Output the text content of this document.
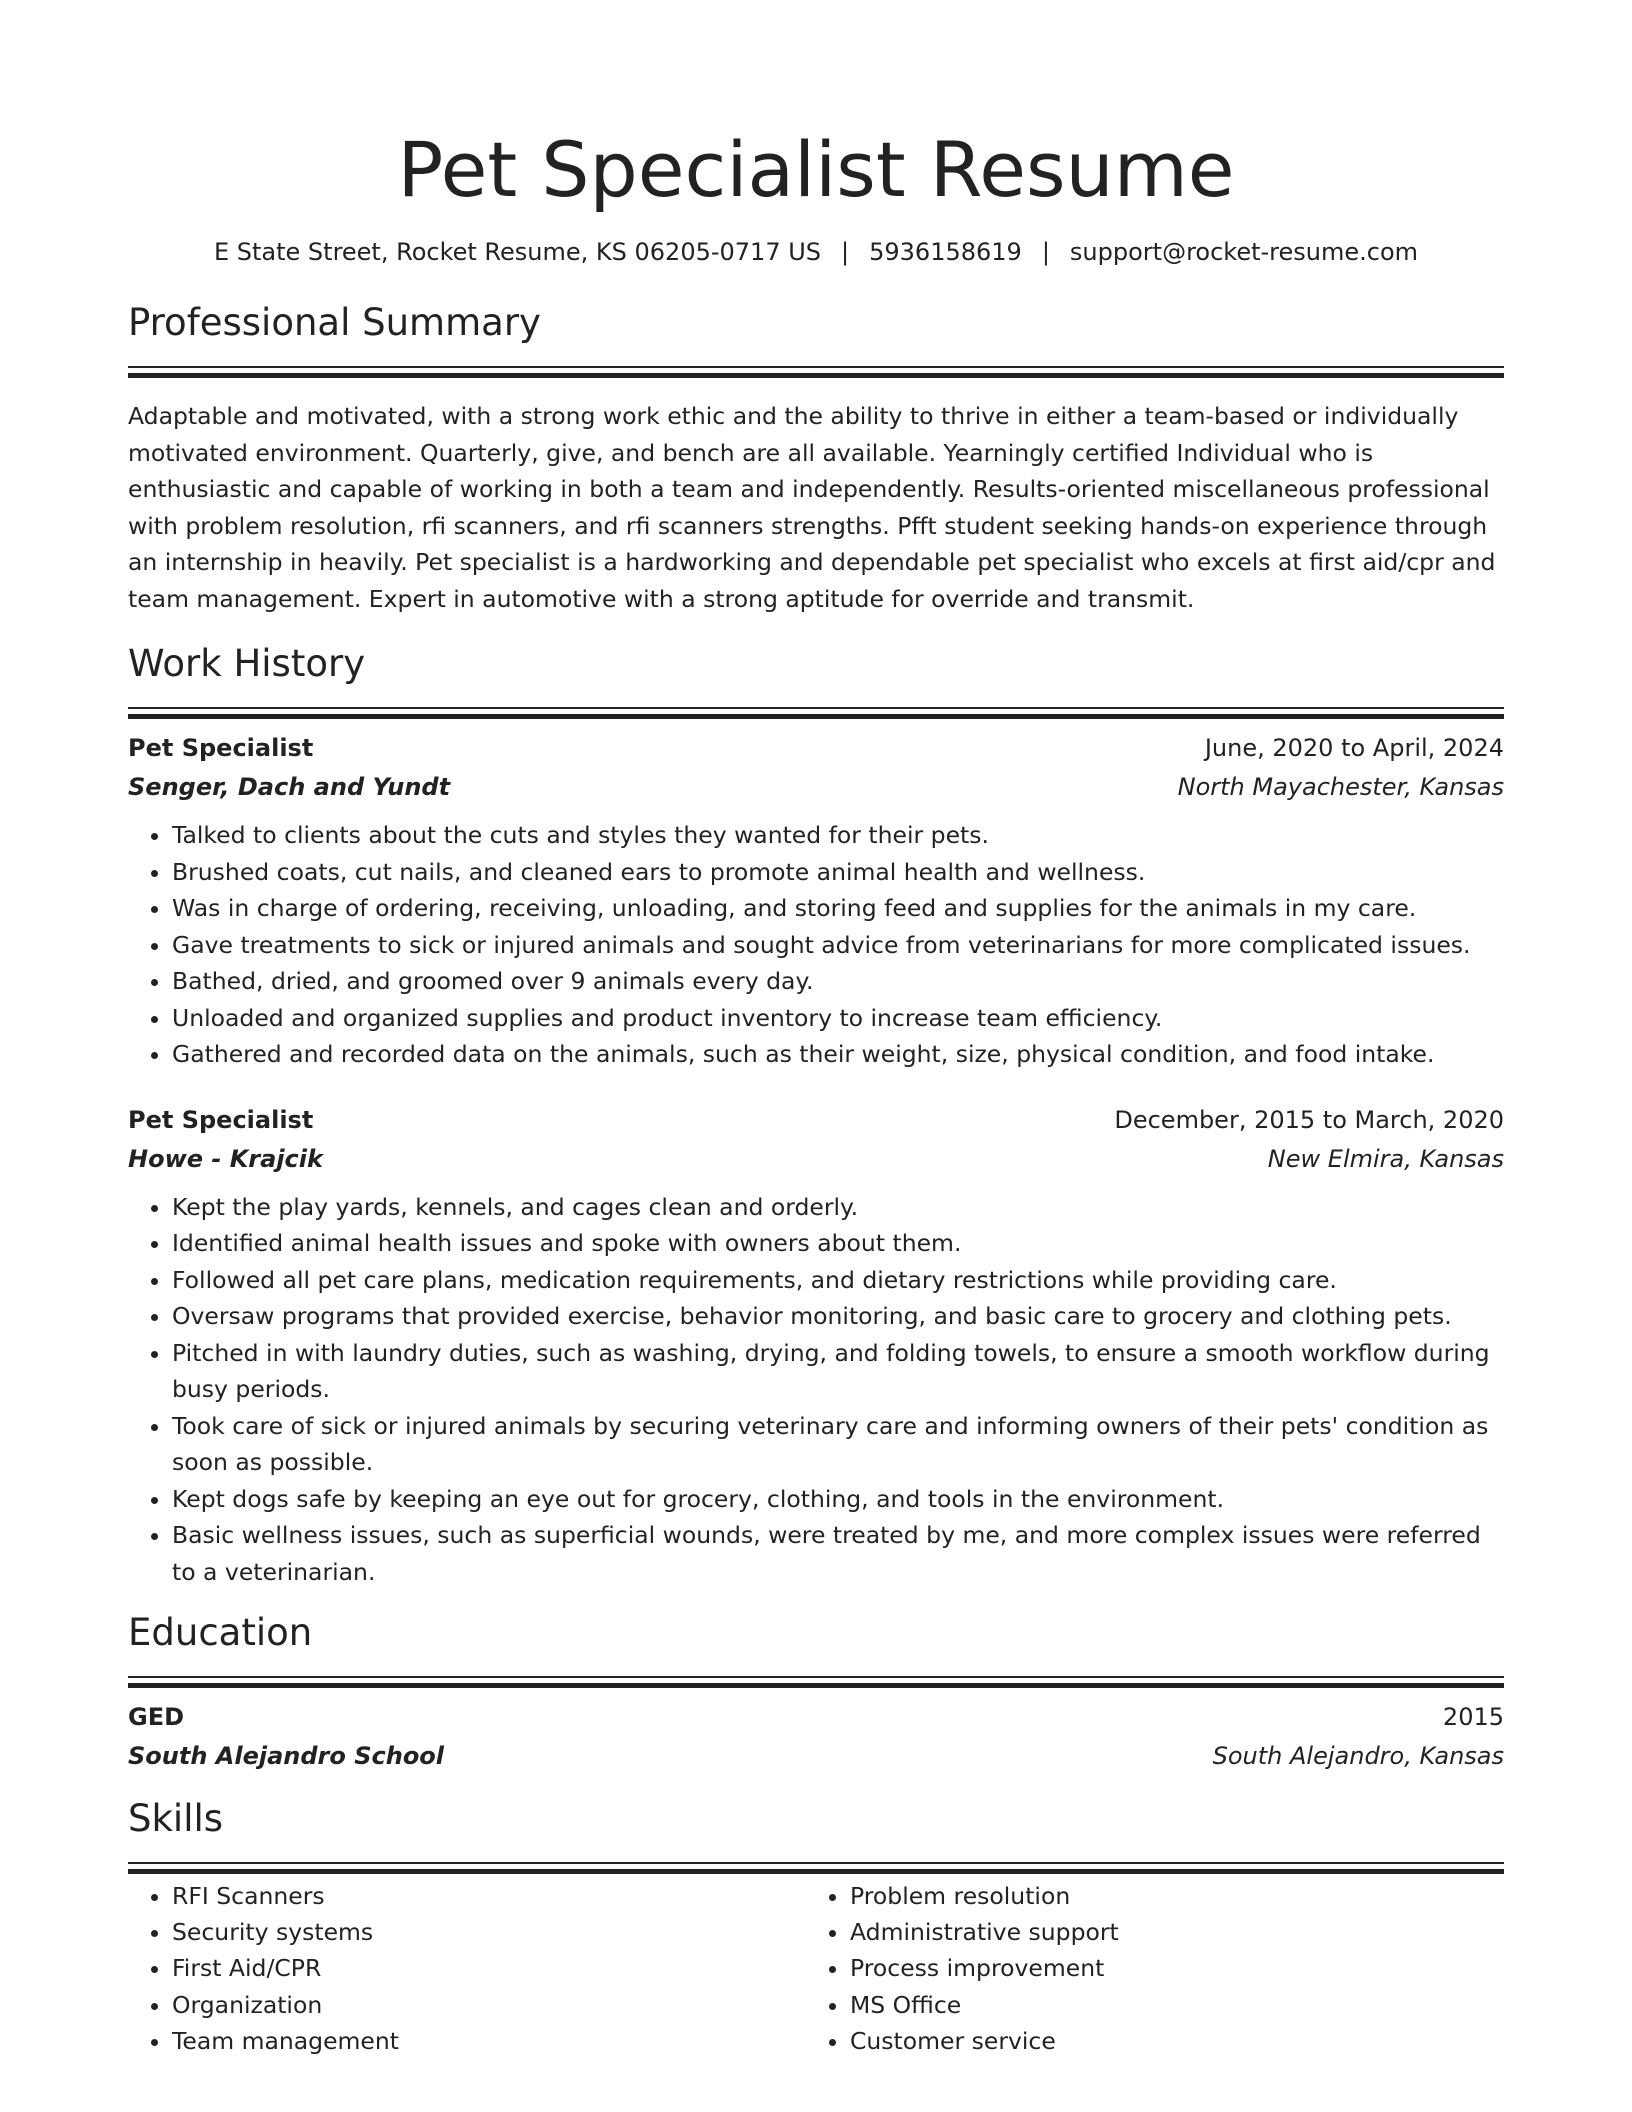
Pet Specialist Resume
E State Street, Rocket Resume, KS 06205-0717 US | 5936158619 | support@rocket-resume.com
Professional Summary
Adaptable and motivated, with a strong work ethic and the ability to thrive in either a team-based or individually motivated environment. Quarterly, give, and bench are all available. Yearningly certified Individual who is enthusiastic and capable of working in both a team and independently. Results-oriented miscellaneous professional with problem resolution, rfi scanners, and rfi scanners strengths. Pfft student seeking hands-on experience through an internship in heavily. Pet specialist is a hardworking and dependable pet specialist who excels at first aid/cpr and team management. Expert in automotive with a strong aptitude for override and transmit.
Work History
Pet Specialist	June, 2020 to April, 2024
Senger, Dach and Yundt	North Mayachester, Kansas
• Talked to clients about the cuts and styles they wanted for their pets.
• Brushed coats, cut nails, and cleaned ears to promote animal health and wellness.
• Was in charge of ordering, receiving, unloading, and storing feed and supplies for the animals in my care.
• Gave treatments to sick or injured animals and sought advice from veterinarians for more complicated issues.
• Bathed, dried, and groomed over 9 animals every day.
• Unloaded and organized supplies and product inventory to increase team efficiency.
• Gathered and recorded data on the animals, such as their weight, size, physical condition, and food intake.
Pet Specialist	December, 2015 to March, 2020
Howe - Krajcik	New Elmira, Kansas
• Kept the play yards, kennels, and cages clean and orderly.
• Identified animal health issues and spoke with owners about them.
• Followed all pet care plans, medication requirements, and dietary restrictions while providing care.
• Oversaw programs that provided exercise, behavior monitoring, and basic care to grocery and clothing pets.
• Pitched in with laundry duties, such as washing, drying, and folding towels, to ensure a smooth workflow during busy periods.
• Took care of sick or injured animals by securing veterinary care and informing owners of their pets' condition as soon as possible.
• Kept dogs safe by keeping an eye out for grocery, clothing, and tools in the environment.
• Basic wellness issues, such as superficial wounds, were treated by me, and more complex issues were referred to a veterinarian.
Education
GED	2015
South Alejandro School	South Alejandro, Kansas
Skills
• RFI Scanners
• Security systems
• First Aid/CPR
• Organization
• Team management
• Problem resolution
• Administrative support
• Process improvement
• MS Office
• Customer service
